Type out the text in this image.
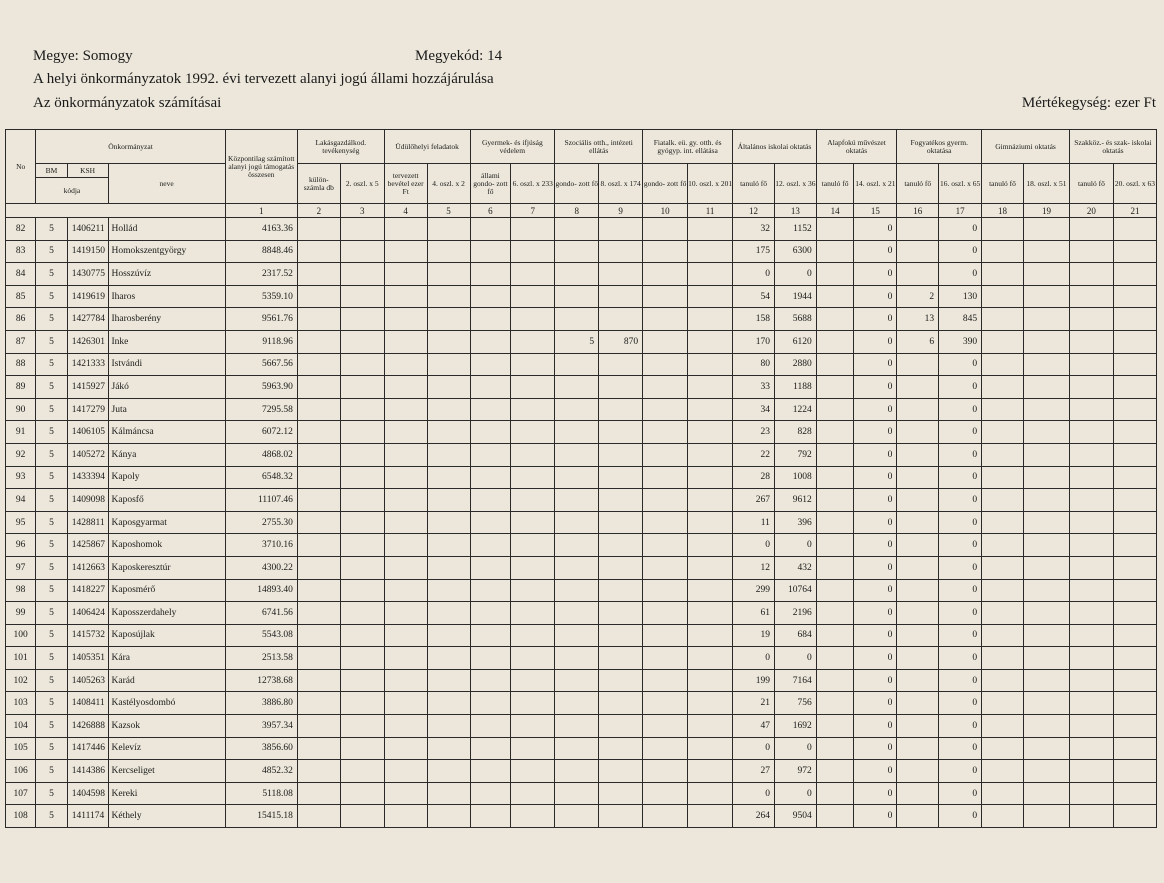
Megye: Somogy	Megyekód: 14
A helyi önkormányzatok 1992. évi tervezett alanyi jogú állami hozzájárulása
Az önkormányzatok számításai	Mértékegység: ezer Ft
No	Önkormányzat			Központilag számított alanyi jogú támogatás összesen	Lakásgazdálkod. tevékenység		Üdülőhelyi feladatok		Gyermek- és ifjúság védelem		Szociális otth., intézeti ellátás		Fiatalk. eü. gy. otth. és gyógyp. int. ellátása		Általános iskolai oktatás		Alapfokú művészet oktatás		Fogyatékos gyerm. oktatása		Gimnáziumi oktatás		Szakköz.- és szak- iskolai oktatás	
	BM	KSH	neve		külön- számla db	2. oszl. x 5	tervezett bevétel ezer Ft	4. oszl. x 2	állami gondo- zott fő	6. oszl. x 233	gondo- zott fő	8. oszl. x 174	gondo- zott fő	10. oszl. x 201	tanuló fő	12. oszl. x 36	tanuló fő	14. oszl. x 21	tanuló fő	16. oszl. x 65	tanuló fő	18. oszl. x 51	tanuló fő	20. oszl. x 63
	kódja																							
				1	2	3	4	5	6	7	8	9	10	11	12	13	14	15	16	17	18	19	20	21
82	5	1406211	Hollád	4163.36											32	1152		0		0				
83	5	1419150	Homokszentgyörgy	8848.46											175	6300		0		0				
84	5	1430775	Hosszúvíz	2317.52											0	0		0		0				
85	5	1419619	Iharos	5359.10											54	1944		0	2	130				
86	5	1427784	Iharosberény	9561.76											158	5688		0	13	845				
87	5	1426301	Inke	9118.96							5	870			170	6120		0	6	390				
88	5	1421333	Istvándi	5667.56											80	2880		0		0				
89	5	1415927	Jákó	5963.90											33	1188		0		0				
90	5	1417279	Juta	7295.58											34	1224		0		0				
91	5	1406105	Kálmáncsa	6072.12											23	828		0		0				
92	5	1405272	Kánya	4868.02											22	792		0		0				
93	5	1433394	Kapoly	6548.32											28	1008		0		0				
94	5	1409098	Kaposfő	11107.46											267	9612		0		0				
95	5	1428811	Kaposgyarmat	2755.30											11	396		0		0				
96	5	1425867	Kaposhomok	3710.16											0	0		0		0				
97	5	1412663	Kaposkeresztúr	4300.22											12	432		0		0				
98	5	1418227	Kaposmérő	14893.40											299	10764		0		0				
99	5	1406424	Kaposszerdahely	6741.56											61	2196		0		0				
100	5	1415732	Kaposújlak	5543.08											19	684		0		0				
101	5	1405351	Kára	2513.58											0	0		0		0				
102	5	1405263	Karád	12738.68											199	7164		0		0				
103	5	1408411	Kastélyosdombó	3886.80											21	756		0		0				
104	5	1426888	Kazsok	3957.34											47	1692		0		0				
105	5	1417446	Kelevíz	3856.60											0	0		0		0				
106	5	1414386	Kercseliget	4852.32											27	972		0		0				
107	5	1404598	Kereki	5118.08											0	0		0		0				
108	5	1411174	Kéthely	15415.18											264	9504		0		0				
